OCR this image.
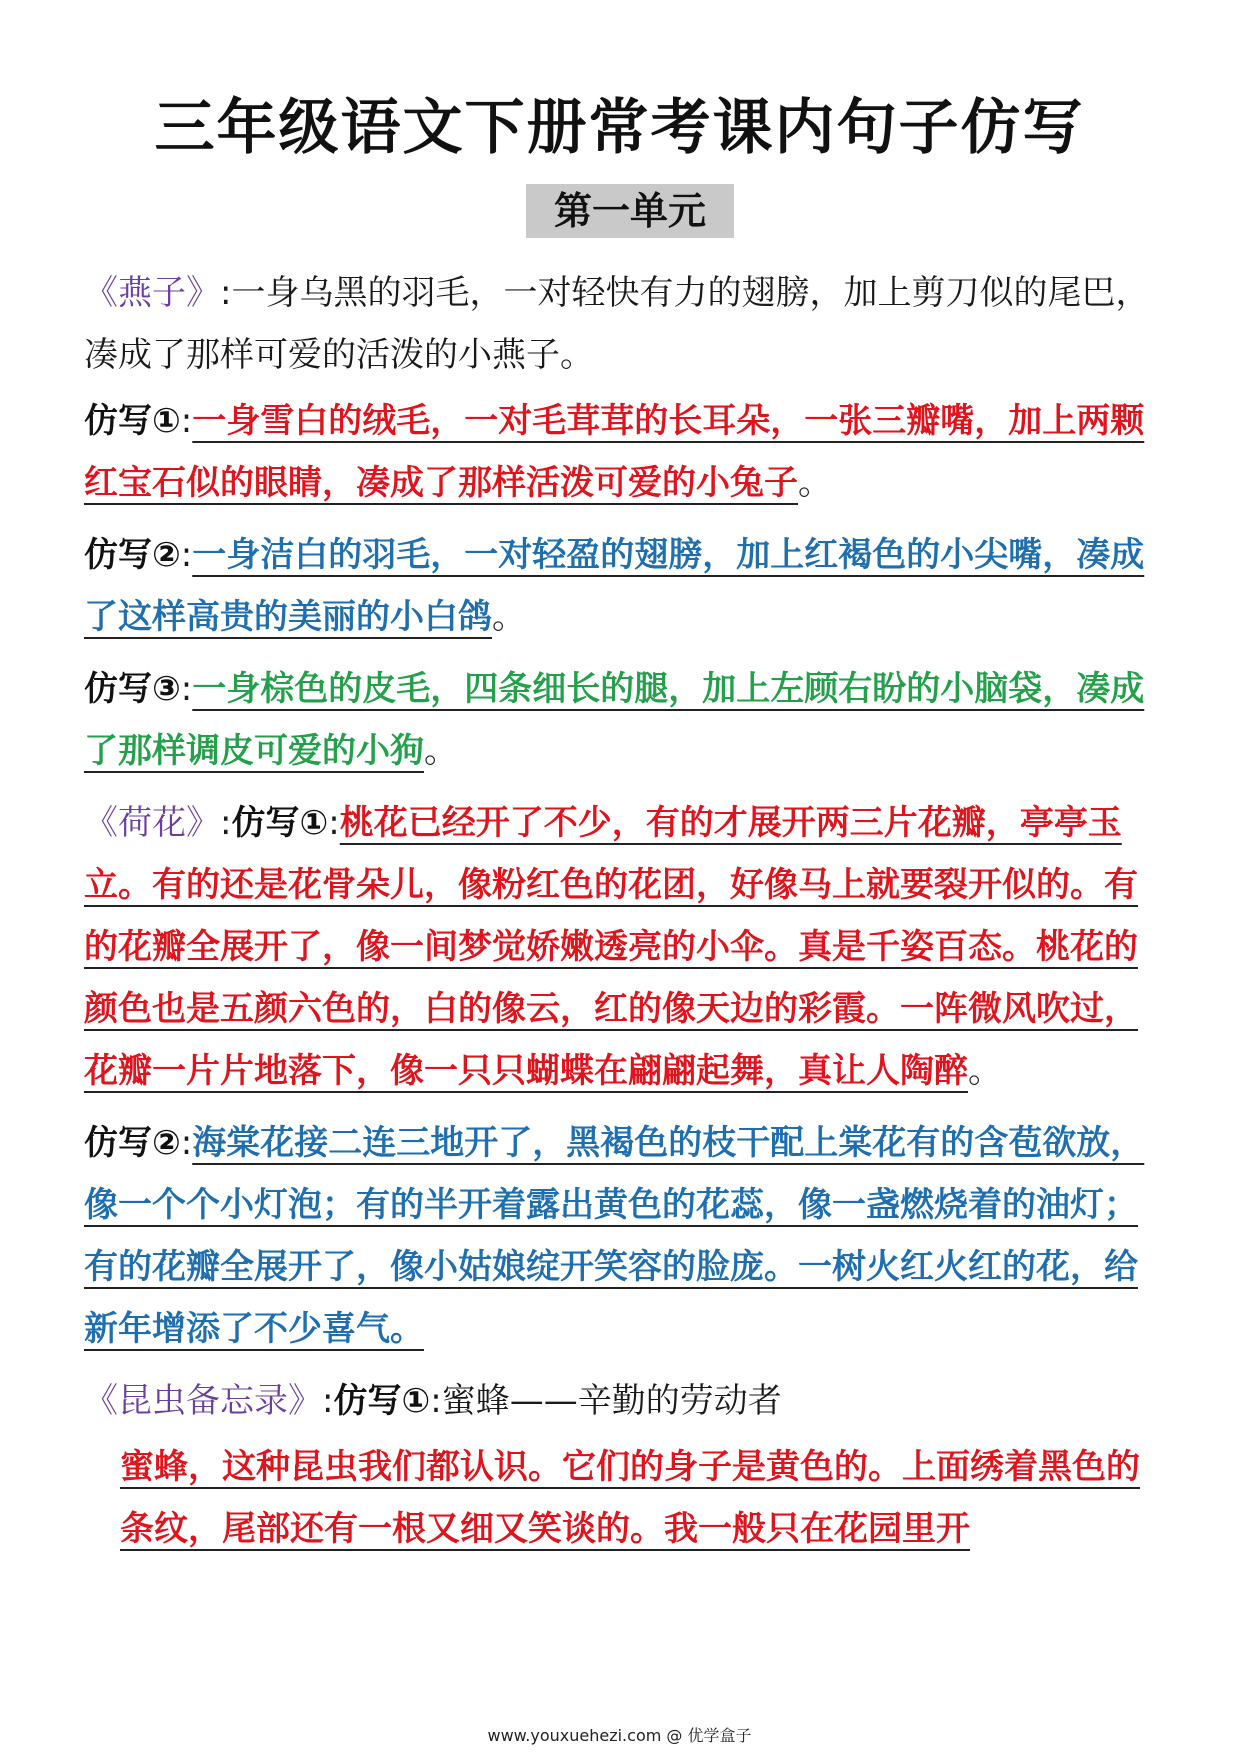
三年级语文下册常考课内句子仿写
第一单元

《燕子》:一身乌黑的羽毛，一对轻快有力的翅膀，加上剪刀似的尾巴，凑成了那样可爱的活泼的小燕子。

仿写①:一身雪白的绒毛，一对毛茸茸的长耳朵，一张三瓣嘴，加上两颗红宝石似的眼睛，凑成了那样活泼可爱的小兔子。

仿写②:一身洁白的羽毛，一对轻盈的翅膀，加上红褐色的小尖嘴，凑成了这样高贵的美丽的小白鸽。

仿写③:一身棕色的皮毛，四条细长的腿，加上左顾右盼的小脑袋，凑成了那样调皮可爱的小狗。

《荷花》:仿写①:桃花已经开了不少，有的才展开两三片花瓣，亭亭玉立。有的还是花骨朵儿，像粉红色的花团，好像马上就要裂开似的。有的花瓣全展开了，像一间梦觉娇嫩透亮的小伞。真是千姿百态。桃花的颜色也是五颜六色的，白的像云，红的像天边的彩霞。一阵微风吹过，花瓣一片片地落下，像一只只蝴蝶在翩翩起舞，真让人陶醉。

仿写②:海棠花接二连三地开了，黑褐色的枝干配上棠花有的含苞欲放，像一个个小灯泡；有的半开着露出黄色的花蕊，像一盏燃烧着的油灯；有的花瓣全展开了，像小姑娘绽开笑容的脸庞。一树火红火红的花，给新年增添了不少喜气。

《昆虫备忘录》:仿写①:蜜蜂——辛勤的劳动者

蜜蜂，这种昆虫我们都认识。它们的身子是黄色的。上面绣着黑色的条纹，尾部还有一根又细又笑谈的。我一般只在花园里开

www.youxuehezi.com @ 优学盒子
